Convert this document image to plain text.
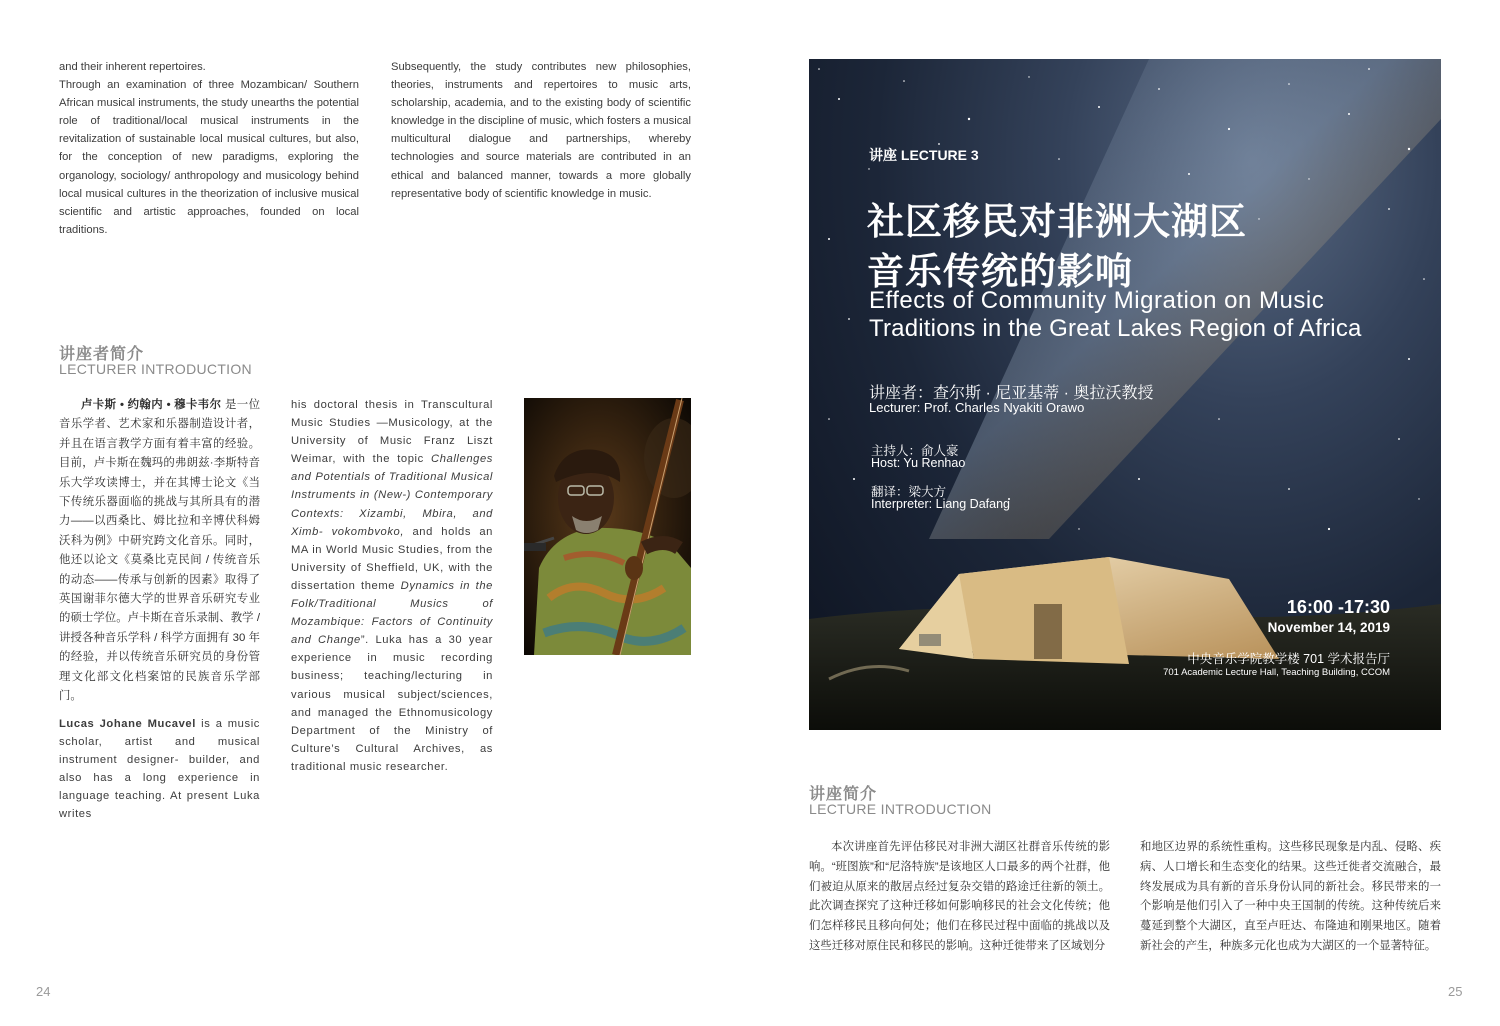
and their inherent repertoires.

Through an examination of three Mozambican/ Southern African musical instruments, the study unearths the potential role of traditional/local musical instruments in the revitalization of sustainable local musical cultures, but also, for the conception of new paradigms, exploring the organology, sociology/ anthropology and musicology behind local musical cultures in the theorization of inclusive musical scientific and artistic approaches, founded on local traditions.

Subsequently, the study contributes new philosophies, theories, instruments and repertoires to music arts, scholarship, academia, and to the existing body of scientific knowledge in the discipline of music, which fosters a musical multicultural dialogue and partnerships, whereby technologies and source materials are contributed in an ethical and balanced manner, towards a more globally representative body of scientific knowledge in music.

讲座者简介
LECTURER INTRODUCTION

卢卡斯 • 约翰内 • 穆卡韦尔 是一位音乐学者、艺术家和乐器制造设计者，并且在语言教学方面有着丰富的经验。目前，卢卡斯在魏玛的弗朗兹·李斯特音乐大学攻读博士，并在其博士论文《当下传统乐器面临的挑战与其所具有的潜力——以西桑比、姆比拉和辛博伏科姆沃科为例》中研究跨文化音乐。同时，他还以论文《莫桑比克民间 / 传统音乐的动态——传承与创新的因素》取得了英国谢菲尔德大学的世界音乐研究专业的硕士学位。卢卡斯在音乐录制、教学 / 讲授各种音乐学科 / 科学方面拥有 30 年的经验，并以传统音乐研究员的身份管理文化部文化档案馆的民族音乐学部门。

Lucas Johane Mucavel is a music scholar, artist and musical instrument designer- builder, and also has a long experience in language teaching. At present Luka writes

his doctoral thesis in Transcultural Music Studies —Musicology, at the University of Music Franz Liszt Weimar, with the topic Challenges and Potentials of Traditional Musical Instruments in (New-) Contemporary Contexts: Xizambi, Mbira, and Ximb- vokombvoko, and holds an MA in World Music Studies, from the University of Sheffield, UK, with the dissertation theme Dynamics in the Folk/Traditional Musics of Mozambique: Factors of Continuity and Change”. Luka has a 30 year experience in music recording business; teaching/lecturing in various musical subject/sciences, and managed the Ethnomusicology Department of the Ministry of Culture’s Cultural Archives, as traditional music researcher.

24
讲座 LECTURE 3
社区移民对非洲大湖区
音乐传统的影响
Effects of Community Migration on Music
Traditions in the Great Lakes Region of Africa
讲座者：查尔斯 · 尼亚基蒂 · 奥拉沃教授
Lecturer: Prof. Charles Nyakiti Orawo
主持人：俞人豪
Host: Yu Renhao
翻译：梁大方
Interpreter: Liang Dafang
16:00 -17:30
November 14, 2019
中央音乐学院教学楼 701 学术报告厅
701 Academic Lecture Hall, Teaching Building, CCOM
讲座简介
LECTURE INTRODUCTION

本次讲座首先评估移民对非洲大湖区社群音乐传统的影响。“班图族”和“尼洛特族”是该地区人口最多的两个社群，他们被迫从原来的散居点经过复杂交错的路途迁往新的领土。此次调查探究了这种迁移如何影响移民的社会文化传统；他们怎样移民且移向何处；他们在移民过程中面临的挑战以及这些迁移对原住民和移民的影响。这种迁徙带来了区域划分

和地区边界的系统性重构。这些移民现象是内乱、侵略、疾病、人口增长和生态变化的结果。这些迁徙者交流融合，最终发展成为具有新的音乐身份认同的新社会。移民带来的一个影响是他们引入了一种中央王国制的传统。这种传统后来蔓延到整个大湖区，直至卢旺达、布隆迪和刚果地区。随着新社会的产生，种族多元化也成为大湖区的一个显著特征。

25
